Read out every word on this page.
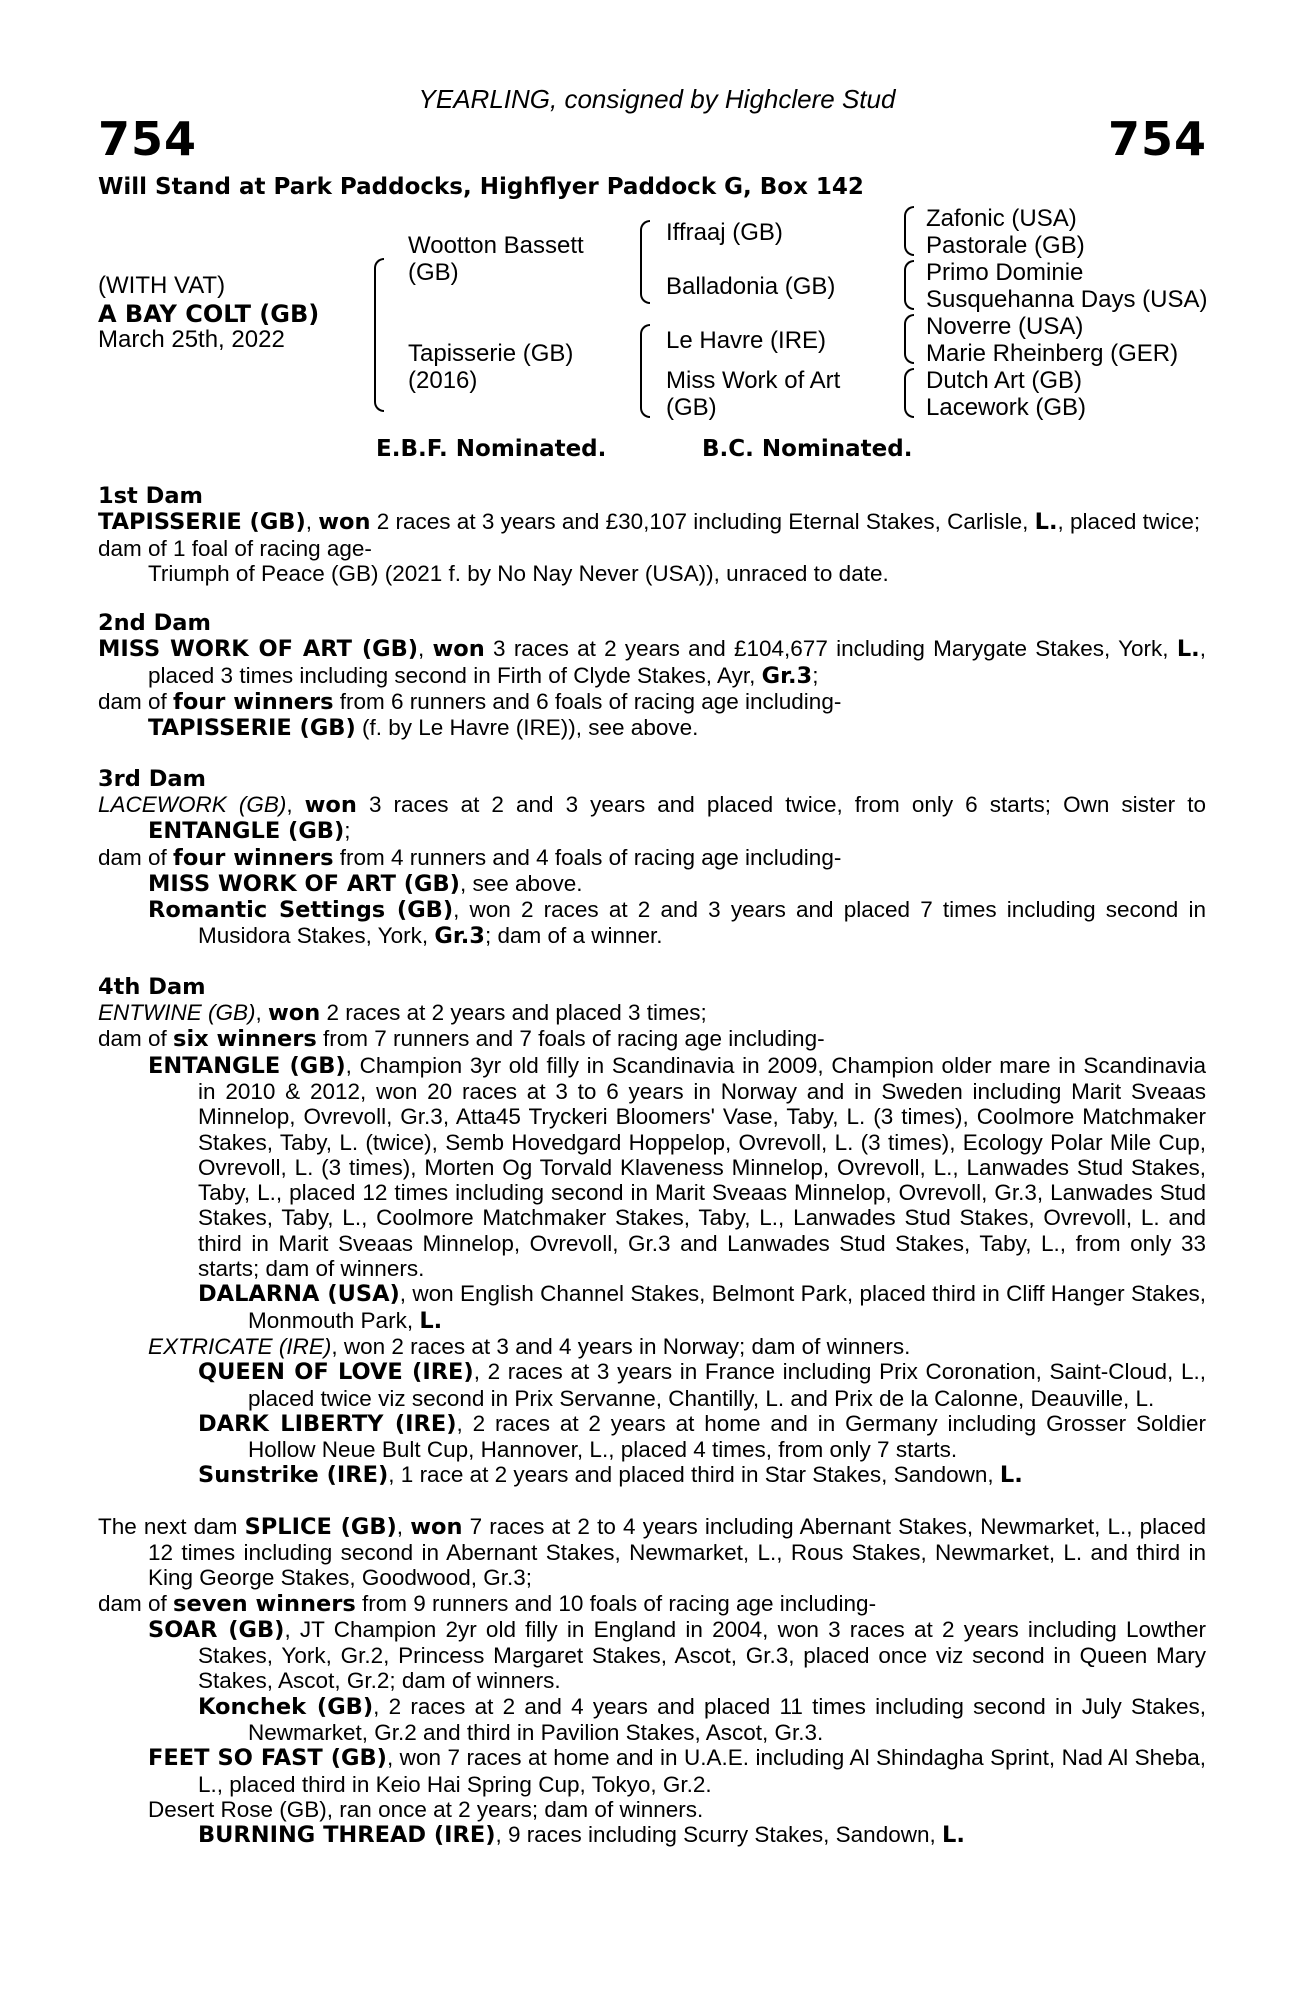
YEARLING, consigned by Highclere Stud
754	754
Will Stand at Park Paddocks, Highflyer Paddock G, Box 142
(WITH VAT)
A BAY COLT (GB)
March 25th, 2022
Wootton Bassett
(GB)
Tapisserie (GB)
(2016)
Iffraaj (GB)
Balladonia (GB)
Le Havre (IRE)
Miss Work of Art
(GB)
Zafonic (USA)
Pastorale (GB)
Primo Dominie
Susquehanna Days (USA)
Noverre (USA)
Marie Rheinberg (GER)
Dutch Art (GB)
Lacework (GB)
E.B.F. Nominated.	B.C. Nominated.

1st Dam

TAPISSERIE (GB), won 2 races at 3 years and £30,107 including Eternal Stakes, Carlisle, L., placed twice;

dam of 1 foal of racing age-

Triumph of Peace (GB) (2021 f. by No Nay Never (USA)), unraced to date.

2nd Dam

MISS WORK OF ART (GB), won 3 races at 2 years and £104,677 including Marygate Stakes, York, L., placed 3 times including second in Firth of Clyde Stakes, Ayr, Gr.3;

dam of four winners from 6 runners and 6 foals of racing age including-

TAPISSERIE (GB) (f. by Le Havre (IRE)), see above.

3rd Dam

LACEWORK (GB), won 3 races at 2 and 3 years and placed twice, from only 6 starts; Own sister to ENTANGLE (GB);

dam of four winners from 4 runners and 4 foals of racing age including-

MISS WORK OF ART (GB), see above.

Romantic Settings (GB), won 2 races at 2 and 3 years and placed 7 times including second in Musidora Stakes, York, Gr.3; dam of a winner.

4th Dam

ENTWINE (GB), won 2 races at 2 years and placed 3 times;

dam of six winners from 7 runners and 7 foals of racing age including-

ENTANGLE (GB), Champion 3yr old filly in Scandinavia in 2009, Champion older mare in Scandinavia in 2010 & 2012, won 20 races at 3 to 6 years in Norway and in Sweden including Marit Sveaas Minnelop, Ovrevoll, Gr.3, Atta45 Tryckeri Bloomers' Vase, Taby, L. (3 times), Coolmore Matchmaker Stakes, Taby, L. (twice), Semb Hovedgard Hoppelop, Ovrevoll, L. (3 times), Ecology Polar Mile Cup, Ovrevoll, L. (3 times), Morten Og Torvald Klaveness Minnelop, Ovrevoll, L., Lanwades Stud Stakes, Taby, L., placed 12 times including second in Marit Sveaas Minnelop, Ovrevoll, Gr.3, Lanwades Stud Stakes, Taby, L., Coolmore Matchmaker Stakes, Taby, L., Lanwades Stud Stakes, Ovrevoll, L. and third in Marit Sveaas Minnelop, Ovrevoll, Gr.3 and Lanwades Stud Stakes, Taby, L., from only 33 starts; dam of winners.

DALARNA (USA), won English Channel Stakes, Belmont Park, placed third in Cliff Hanger Stakes, Monmouth Park, L.

EXTRICATE (IRE), won 2 races at 3 and 4 years in Norway; dam of winners.

QUEEN OF LOVE (IRE), 2 races at 3 years in France including Prix Coronation, Saint-Cloud, L., placed twice viz second in Prix Servanne, Chantilly, L. and Prix de la Calonne, Deauville, L.

DARK LIBERTY (IRE), 2 races at 2 years at home and in Germany including Grosser Soldier Hollow Neue Bult Cup, Hannover, L., placed 4 times, from only 7 starts.

Sunstrike (IRE), 1 race at 2 years and placed third in Star Stakes, Sandown, L.

The next dam SPLICE (GB), won 7 races at 2 to 4 years including Abernant Stakes, Newmarket, L., placed 12 times including second in Abernant Stakes, Newmarket, L., Rous Stakes, Newmarket, L. and third in King George Stakes, Goodwood, Gr.3;

dam of seven winners from 9 runners and 10 foals of racing age including-

SOAR (GB), JT Champion 2yr old filly in England in 2004, won 3 races at 2 years including Lowther Stakes, York, Gr.2, Princess Margaret Stakes, Ascot, Gr.3, placed once viz second in Queen Mary Stakes, Ascot, Gr.2; dam of winners.

Konchek (GB), 2 races at 2 and 4 years and placed 11 times including second in July Stakes, Newmarket, Gr.2 and third in Pavilion Stakes, Ascot, Gr.3.

FEET SO FAST (GB), won 7 races at home and in U.A.E. including Al Shindagha Sprint, Nad Al Sheba, L., placed third in Keio Hai Spring Cup, Tokyo, Gr.2.

Desert Rose (GB), ran once at 2 years; dam of winners.

BURNING THREAD (IRE), 9 races including Scurry Stakes, Sandown, L.
